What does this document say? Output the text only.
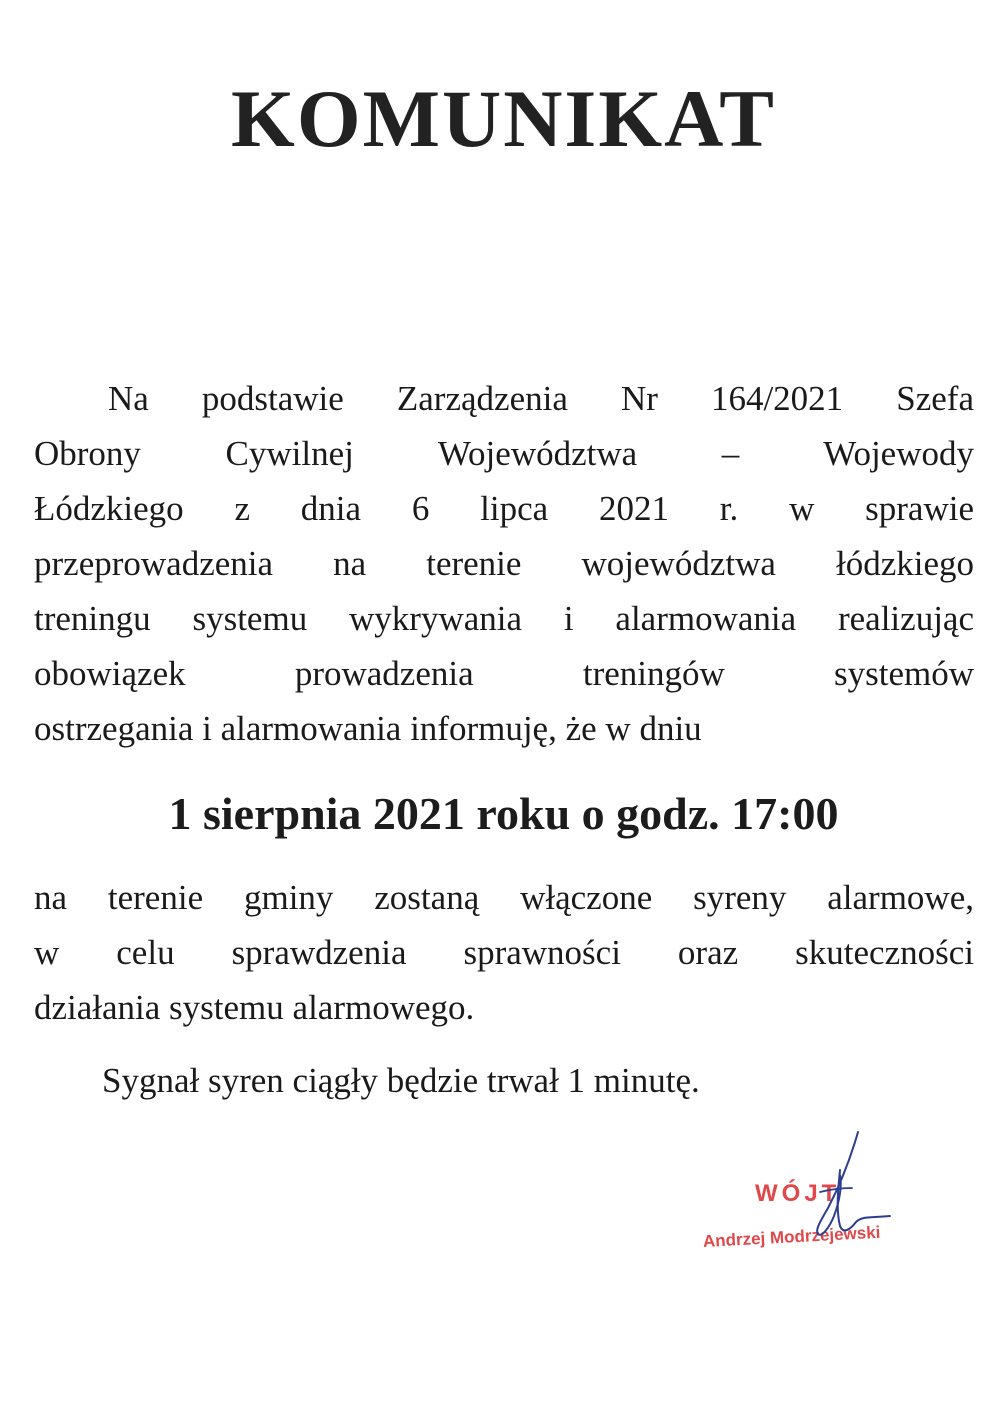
KOMUNIKAT
Na podstawie Zarządzenia Nr 164/2021 Szefa
Obrony Cywilnej Województwa – Wojewody
Łódzkiego z dnia 6 lipca 2021 r. w sprawie
przeprowadzenia na terenie województwa łódzkiego
treningu systemu wykrywania i alarmowania realizując
obowiązek prowadzenia treningów systemów
ostrzegania i alarmowania informuję, że w dniu
1 sierpnia 2021 roku o godz. 17:00
na terenie gminy zostaną włączone syreny alarmowe,
w celu sprawdzenia sprawności oraz skuteczności
działania systemu alarmowego.
Sygnał syren ciągły będzie trwał 1 minutę.
WÓJT
Andrzej Modrzejewski
